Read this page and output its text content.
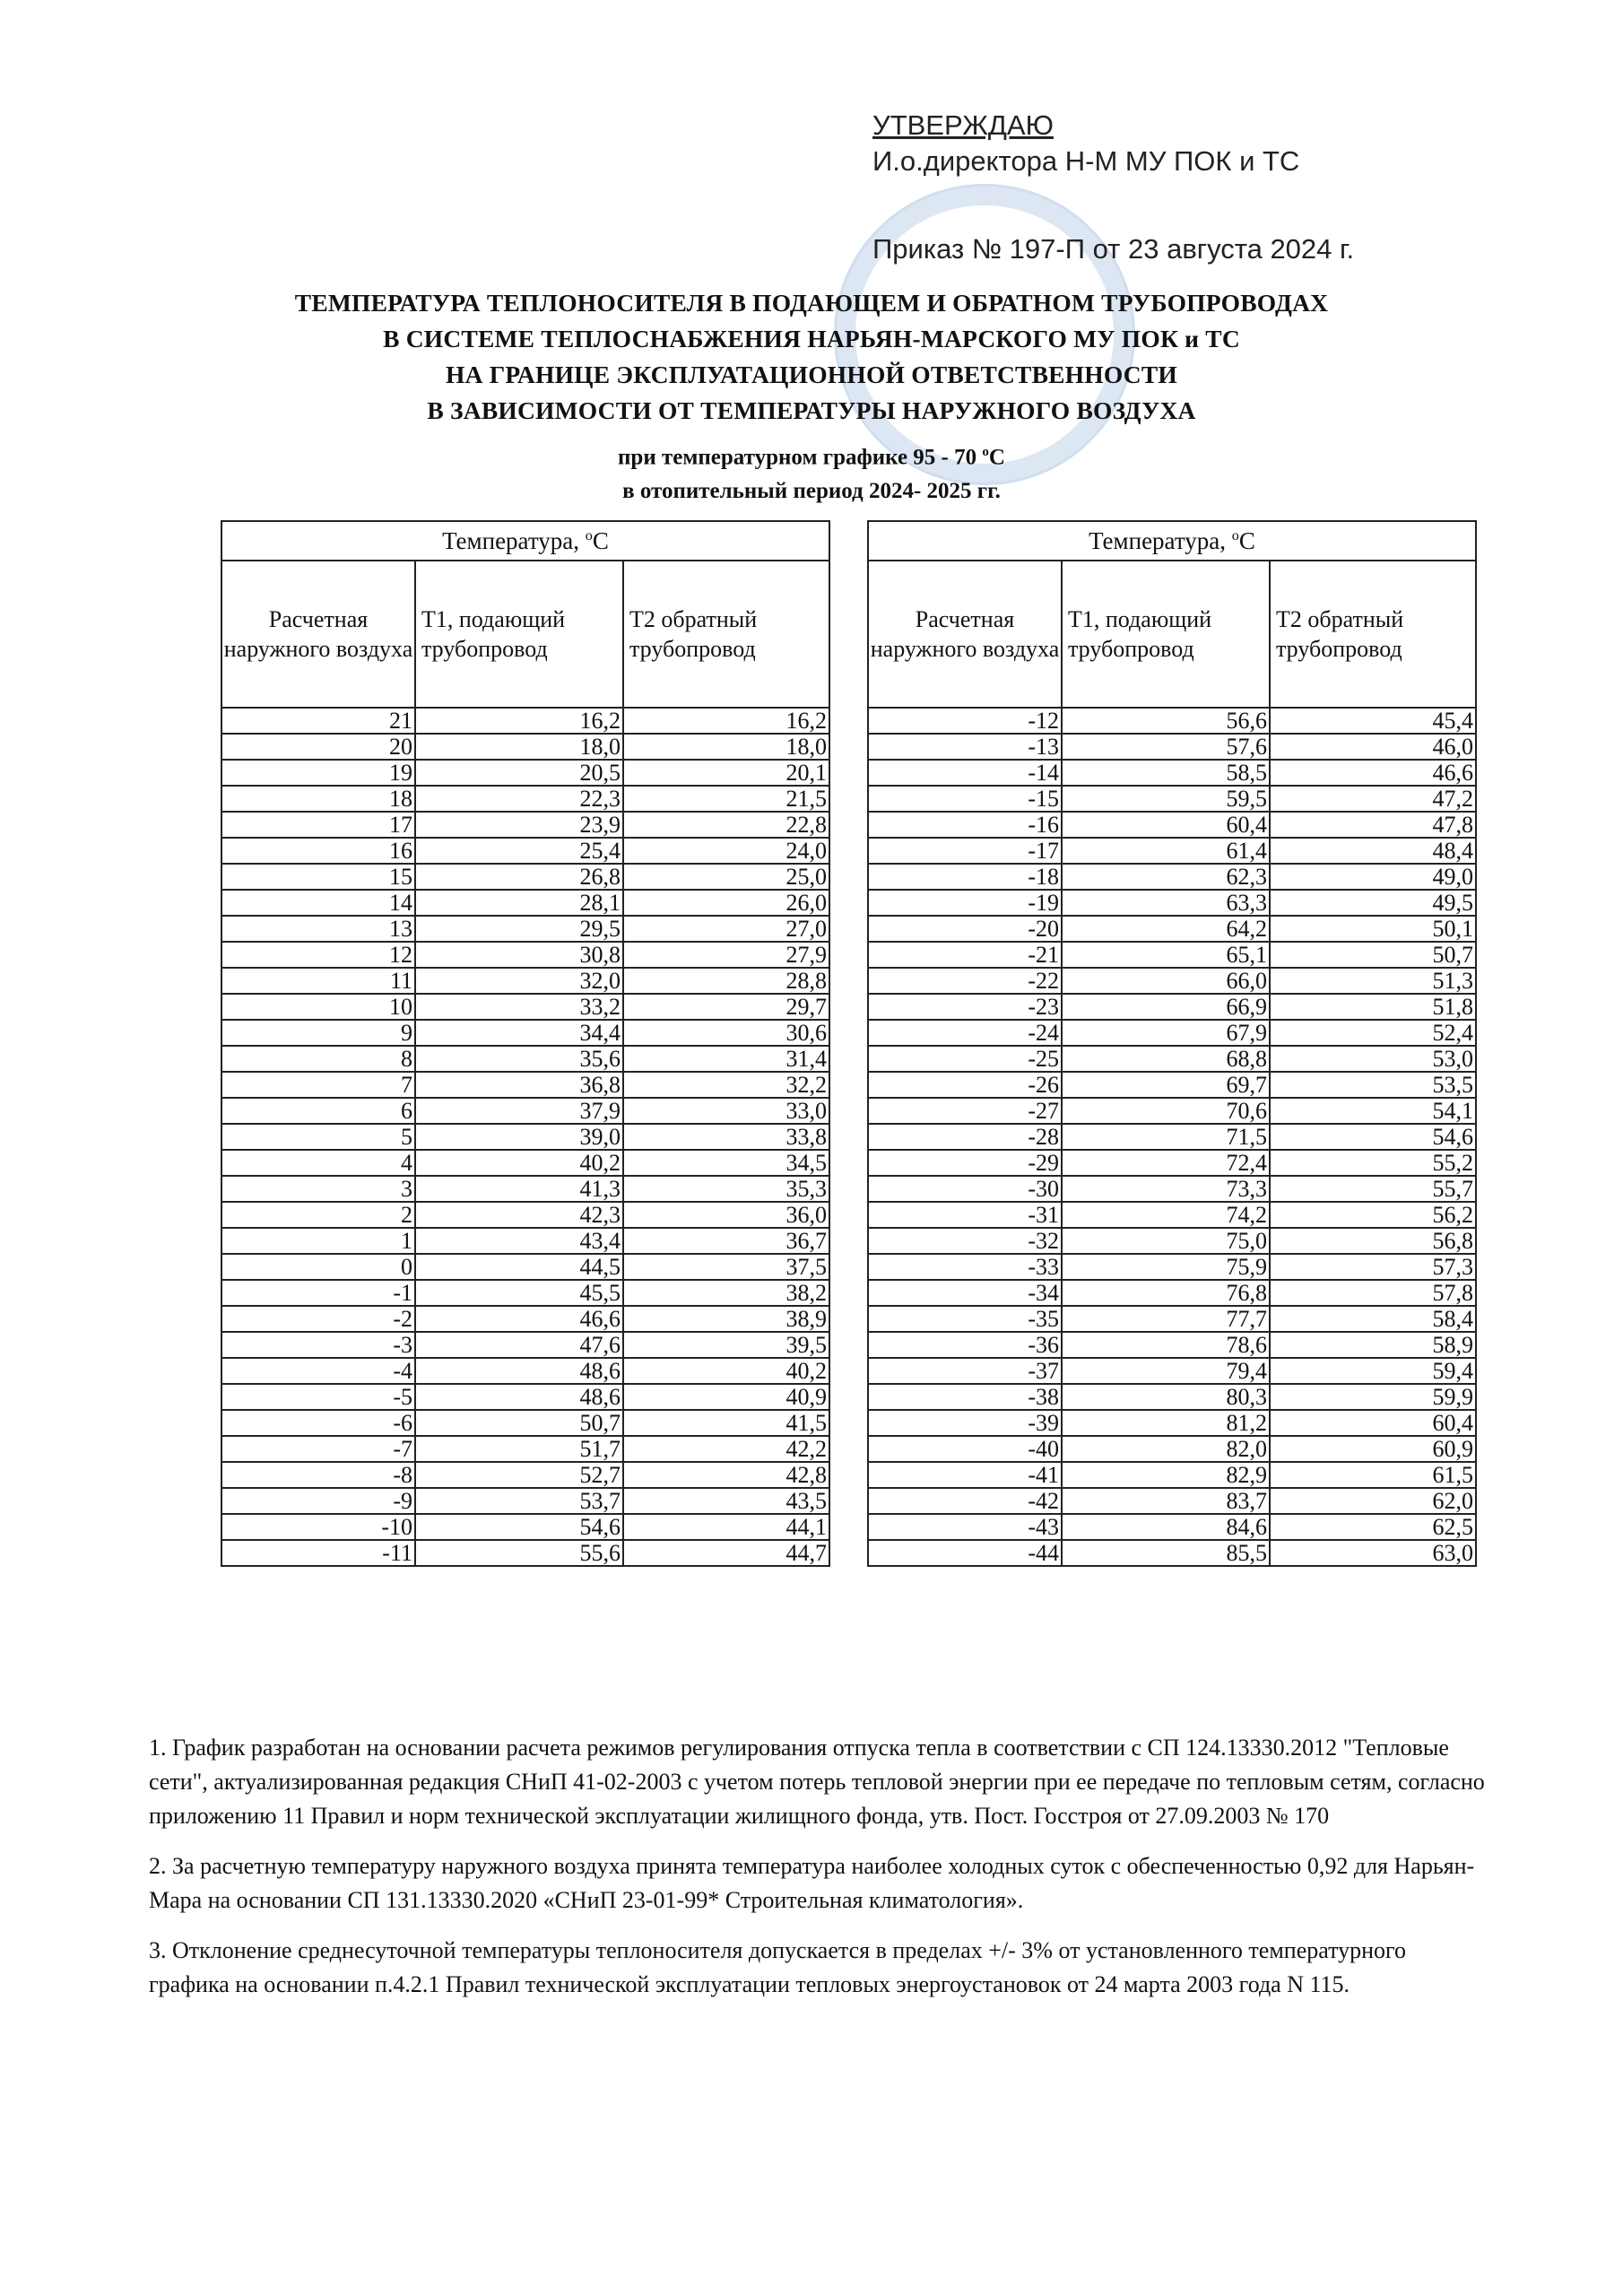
УТВЕРЖДАЮ
И.о.директора Н-М МУ ПОК и ТС
Приказ № 197-П от 23 августа 2024 г.
ТЕМПЕРАТУРА ТЕПЛОНОСИТЕЛЯ В ПОДАЮЩЕМ И ОБРАТНОМ ТРУБОПРОВОДАХ
В СИСТЕМЕ ТЕПЛОСНАБЖЕНИЯ НАРЬЯН-МАРСКОГО МУ ПОК и ТС
НА ГРАНИЦЕ ЭКСПЛУАТАЦИОННОЙ ОТВЕТСТВЕННОСТИ
В ЗАВИСИМОСТИ ОТ ТЕМПЕРАТУРЫ НАРУЖНОГО ВОЗДУХА
при температурном графике 95 - 70 $^o$С
в отопительный период 2024- 2025 гг.
Температура, $^o$С		
Расчетная наружного воздуха	Т1, подающий трубопровод	Т2 обратный трубопровод
21	16,2	16,2
20	18,0	18,0
19	20,5	20,1
18	22,3	21,5
17	23,9	22,8
16	25,4	24,0
15	26,8	25,0
14	28,1	26,0
13	29,5	27,0
12	30,8	27,9
11	32,0	28,8
10	33,2	29,7
9	34,4	30,6
8	35,6	31,4
7	36,8	32,2
6	37,9	33,0
5	39,0	33,8
4	40,2	34,5
3	41,3	35,3
2	42,3	36,0
1	43,4	36,7
0	44,5	37,5
-1	45,5	38,2
-2	46,6	38,9
-3	47,6	39,5
-4	48,6	40,2
-5	48,6	40,9
-6	50,7	41,5
-7	51,7	42,2
-8	52,7	42,8
-9	53,7	43,5
-10	54,6	44,1
-11	55,6	44,7
Температура, $^o$С		
Расчетная наружного воздуха	Т1, подающий трубопровод	Т2 обратный трубопровод
-12	56,6	45,4
-13	57,6	46,0
-14	58,5	46,6
-15	59,5	47,2
-16	60,4	47,8
-17	61,4	48,4
-18	62,3	49,0
-19	63,3	49,5
-20	64,2	50,1
-21	65,1	50,7
-22	66,0	51,3
-23	66,9	51,8
-24	67,9	52,4
-25	68,8	53,0
-26	69,7	53,5
-27	70,6	54,1
-28	71,5	54,6
-29	72,4	55,2
-30	73,3	55,7
-31	74,2	56,2
-32	75,0	56,8
-33	75,9	57,3
-34	76,8	57,8
-35	77,7	58,4
-36	78,6	58,9
-37	79,4	59,4
-38	80,3	59,9
-39	81,2	60,4
-40	82,0	60,9
-41	82,9	61,5
-42	83,7	62,0
-43	84,6	62,5
-44	85,5	63,0

1. График разработан на основании расчета режимов регулирования отпуска тепла в соответствии с СП 124.13330.2012 "Тепловые сети", актуализированная редакция СНиП 41-02-2003 с учетом потерь тепловой энергии при ее передаче по тепловым сетям, согласно приложению 11 Правил и норм технической эксплуатации жилищного фонда, утв. Пост. Госстроя от 27.09.2003 № 170

2. За расчетную температуру наружного воздуха принята температура наиболее холодных суток с обеспеченностью 0,92 для Нарьян-Мара на основании СП 131.13330.2020 «СНиП 23-01-99* Строительная климатология».

3. Отклонение среднесуточной температуры теплоносителя допускается в пределах +/- 3% от установленного температурного графика на основании п.4.2.1 Правил технической эксплуатации тепловых энергоустановок от 24 марта 2003 года N 115.
